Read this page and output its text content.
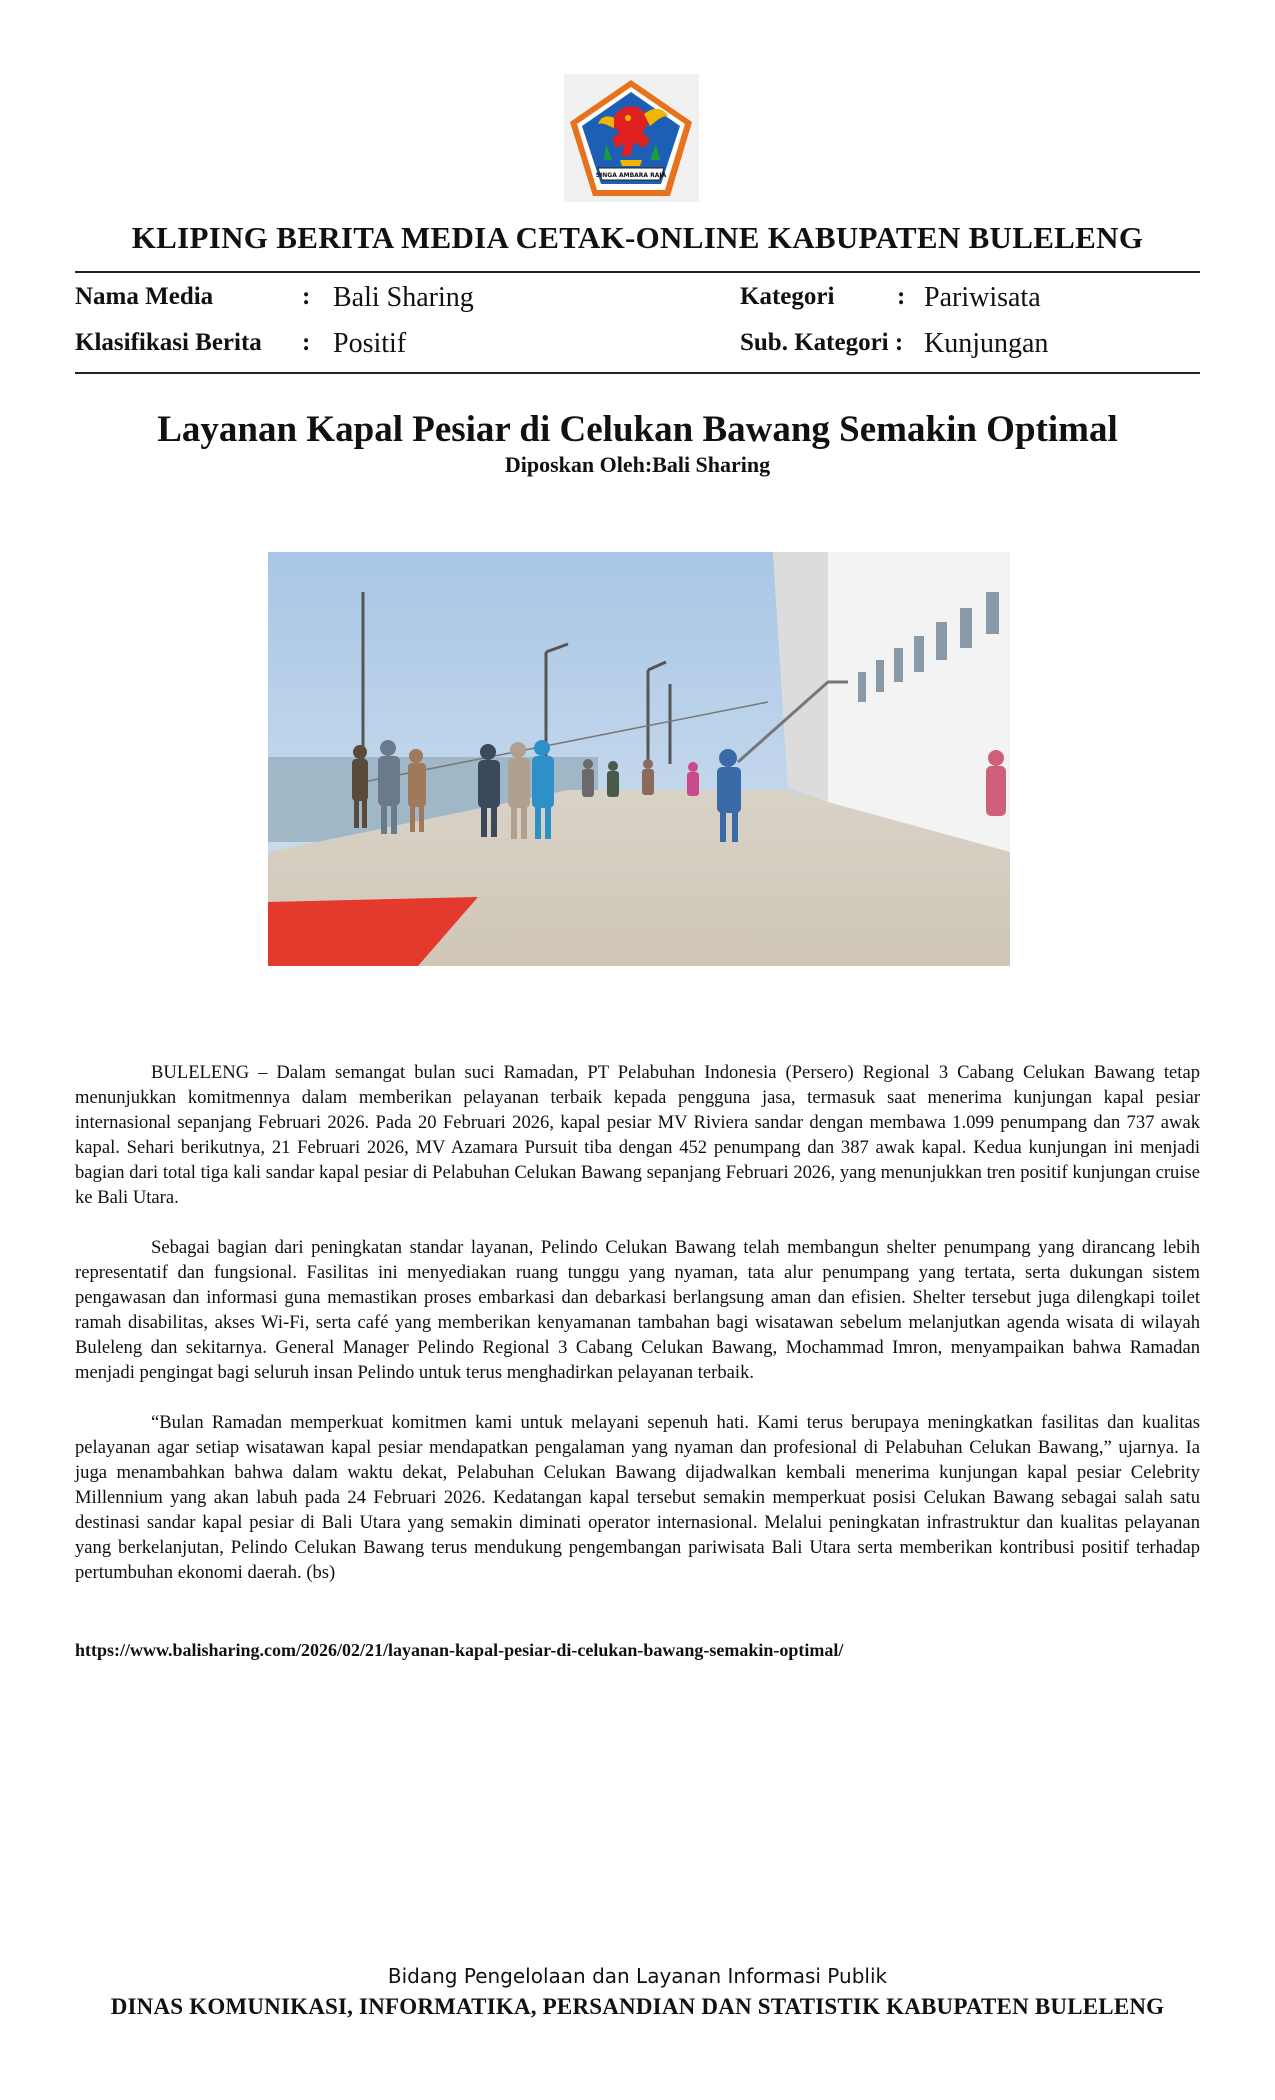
SINGA AMBARA RAJA
KLIPING BERITA MEDIA CETAK-ONLINE KABUPATEN BULELENG
Nama Media	: Bali Sharing
Klasifikasi Berita : Positif
Kategori	: Pariwisata
Sub. Kategori : Kunjungan
Layanan Kapal Pesiar di Celukan Bawang Semakin Optimal
Diposkan Oleh:Bali Sharing

BULELENG – Dalam semangat bulan suci Ramadan, PT Pelabuhan Indonesia (Persero) Regional 3 Cabang Celukan Bawang tetap menunjukkan komitmennya dalam memberikan pelayanan terbaik kepada pengguna jasa, termasuk saat menerima kunjungan kapal pesiar internasional sepanjang Februari 2026. Pada 20 Februari 2026, kapal pesiar MV Riviera sandar dengan membawa 1.099 penumpang dan 737 awak kapal. Sehari berikutnya, 21 Februari 2026, MV Azamara Pursuit tiba dengan 452 penumpang dan 387 awak kapal. Kedua kunjungan ini menjadi bagian dari total tiga kali sandar kapal pesiar di Pelabuhan Celukan Bawang sepanjang Februari 2026, yang menunjukkan tren positif kunjungan cruise ke Bali Utara.

Sebagai bagian dari peningkatan standar layanan, Pelindo Celukan Bawang telah membangun shelter penumpang yang dirancang lebih representatif dan fungsional. Fasilitas ini menyediakan ruang tunggu yang nyaman, tata alur penumpang yang tertata, serta dukungan sistem pengawasan dan informasi guna memastikan proses embarkasi dan debarkasi berlangsung aman dan efisien. Shelter tersebut juga dilengkapi toilet ramah disabilitas, akses Wi-Fi, serta café yang memberikan kenyamanan tambahan bagi wisatawan sebelum melanjutkan agenda wisata di wilayah Buleleng dan sekitarnya. General Manager Pelindo Regional 3 Cabang Celukan Bawang, Mochammad Imron, menyampaikan bahwa Ramadan menjadi pengingat bagi seluruh insan Pelindo untuk terus menghadirkan pelayanan terbaik.

“Bulan Ramadan memperkuat komitmen kami untuk melayani sepenuh hati. Kami terus berupaya meningkatkan fasilitas dan kualitas pelayanan agar setiap wisatawan kapal pesiar mendapatkan pengalaman yang nyaman dan profesional di Pelabuhan Celukan Bawang,” ujarnya. Ia juga menambahkan bahwa dalam waktu dekat, Pelabuhan Celukan Bawang dijadwalkan kembali menerima kunjungan kapal pesiar Celebrity Millennium yang akan labuh pada 24 Februari 2026. Kedatangan kapal tersebut semakin memperkuat posisi Celukan Bawang sebagai salah satu destinasi sandar kapal pesiar di Bali Utara yang semakin diminati operator internasional. Melalui peningkatan infrastruktur dan kualitas pelayanan yang berkelanjutan, Pelindo Celukan Bawang terus mendukung pengembangan pariwisata Bali Utara serta memberikan kontribusi positif terhadap pertumbuhan ekonomi daerah. (bs)

https://www.balisharing.com/2026/02/21/layanan-kapal-pesiar-di-celukan-bawang-semakin-optimal/
Bidang Pengelolaan dan Layanan Informasi Publik
DINAS KOMUNIKASI, INFORMATIKA, PERSANDIAN DAN STATISTIK KABUPATEN BULELENG
